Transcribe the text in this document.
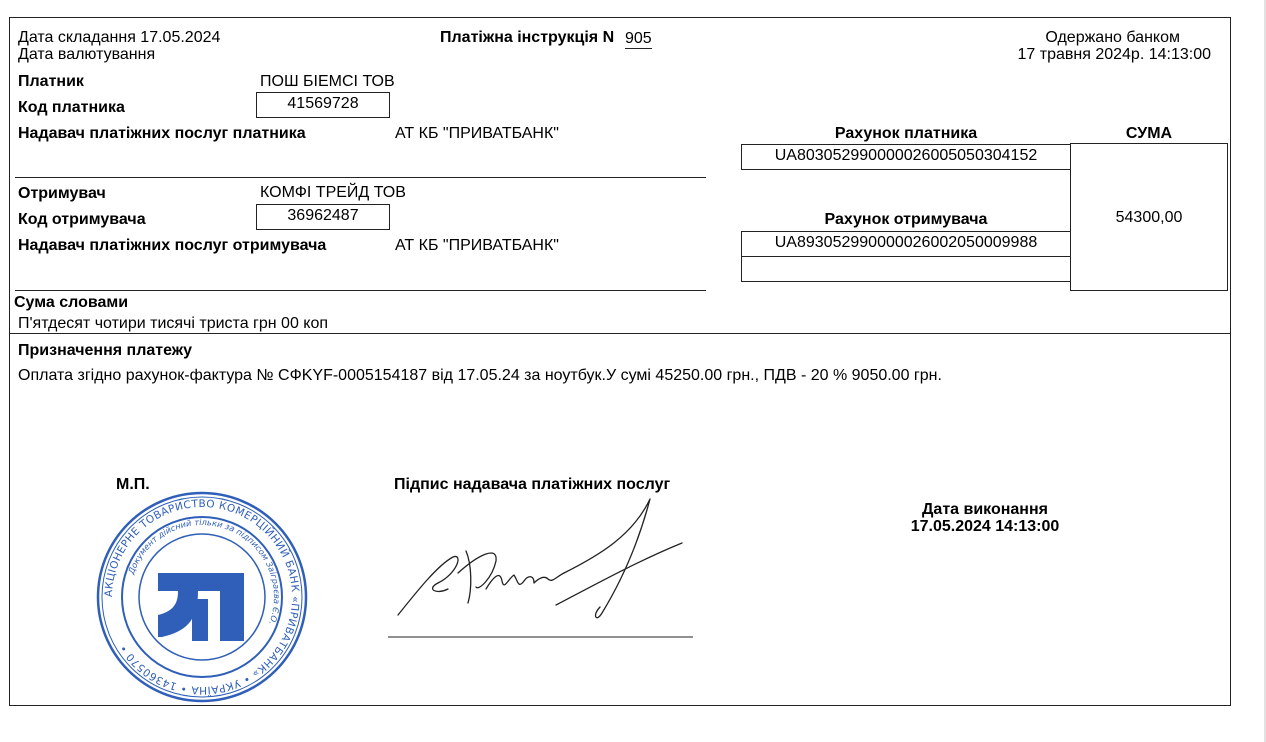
Дата складання 17.05.2024
Дата валютування
Платіжна інструкція N 905	Одержано банком
17 травня 2024р. 14:13:00
Платник	ПОШ БІЕМСІ ТОВ
Код платника	41569728
Надавач платіжних послуг платника	АТ КБ "ПРИВАТБАНК"	Рахунок платника	СУМА
UA803052990000026005050304152
54300,00
Отримувач	КОМФІ ТРЕЙД ТОВ
Код отримувача	36962487	Рахунок отримувача
UA893052990000026002050009988
Надавач платіжних послуг отримувача	АТ КБ "ПРИВАТБАНК"
Сума словами
П'ятдесят чотири тисячі триста грн 00 коп
Призначення платежу
Оплата згідно рахунок-фактура № СФKYF-0005154187 від 17.05.24 за ноутбук.У сумі 45250.00 грн., ПДВ - 20 % 9050.00 грн.
М.П.	Підпис надавача платіжних послуг
Дата виконання
17.05.2024 14:13:00
АКЦІОНЕРНЕ ТОВАРИСТВО КОМЕРЦІЙНИЙ БАНК «ПРИВАТБАНК» • УКРАЇНА • 14360570 •
Документ дійсний тільки за підписом Заіграєва Є.О.
